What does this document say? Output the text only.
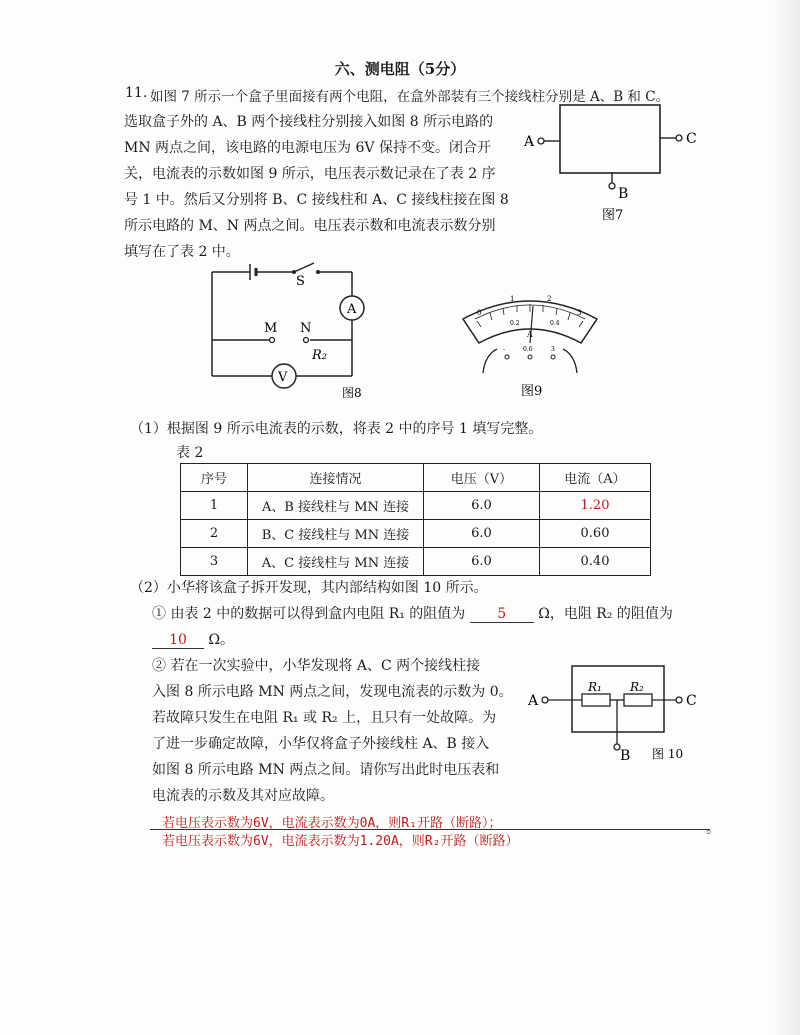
六、测电阻（5分）
11. 如图 7 所示一个盒子里面接有两个电阻，在盒外部装有三个接线柱分别是 A、B 和 C。
选取盒子外的 A、B 两个接线柱分别接入如图 8 所示电路的
MN 两点之间，该电路的电源电压为 6V 保持不变。闭合开
关，电流表的示数如图 9 所示，电压表示数记录在了表 2 序
号 1 中。然后又分别将 B、C 接线柱和 A、C 接线柱接在图 8
所示电路的 M、N 两点之间。电压表示数和电流表示数分别
填写在了表 2 中。
A	C
B
图7
S
A
V
M N
R₂
图8
0
1	2
3
0.2	0.4
A
-	0.6	3
图9
（1）根据图 9 所示电流表的示数，将表 2 中的序号 1 填写完整。
表 2
序号	连接情况	电压（V）	电流（A）
1	A、B 接线柱与 MN 连接	6.0	1.20
2	B、C 接线柱与 MN 连接	6.0	0.60
3	A、C 接线柱与 MN 连接	6.0	0.40
（2）小华将该盒子拆开发现，其内部结构如图 10 所示。
① 由表 2 中的数据可以得到盒内电阻 R₁ 的阻值为 5 Ω，电阻 R₂ 的阻值为
10 Ω。
② 若在一次实验中，小华发现将 A、C 两个接线柱接
入图 8 所示电路 MN 两点之间，发现电流表的示数为 0。
若故障只发生在电阻 R₁ 或 R₂ 上，且只有一处故障。为
了进一步确定故障，小华仅将盒子外接线柱 A、B 接入
如图 8 所示电路 MN 两点之间。请你写出此时电压表和
电流表的示数及其对应故障。
A	C
B
R₁ R₂
图 10
若电压表示数为6V，电流表示数为0A，则R₁开路（断路）；
若电压表示数为6V，电流表示数为1.20A，则R₂开路（断路）
。
